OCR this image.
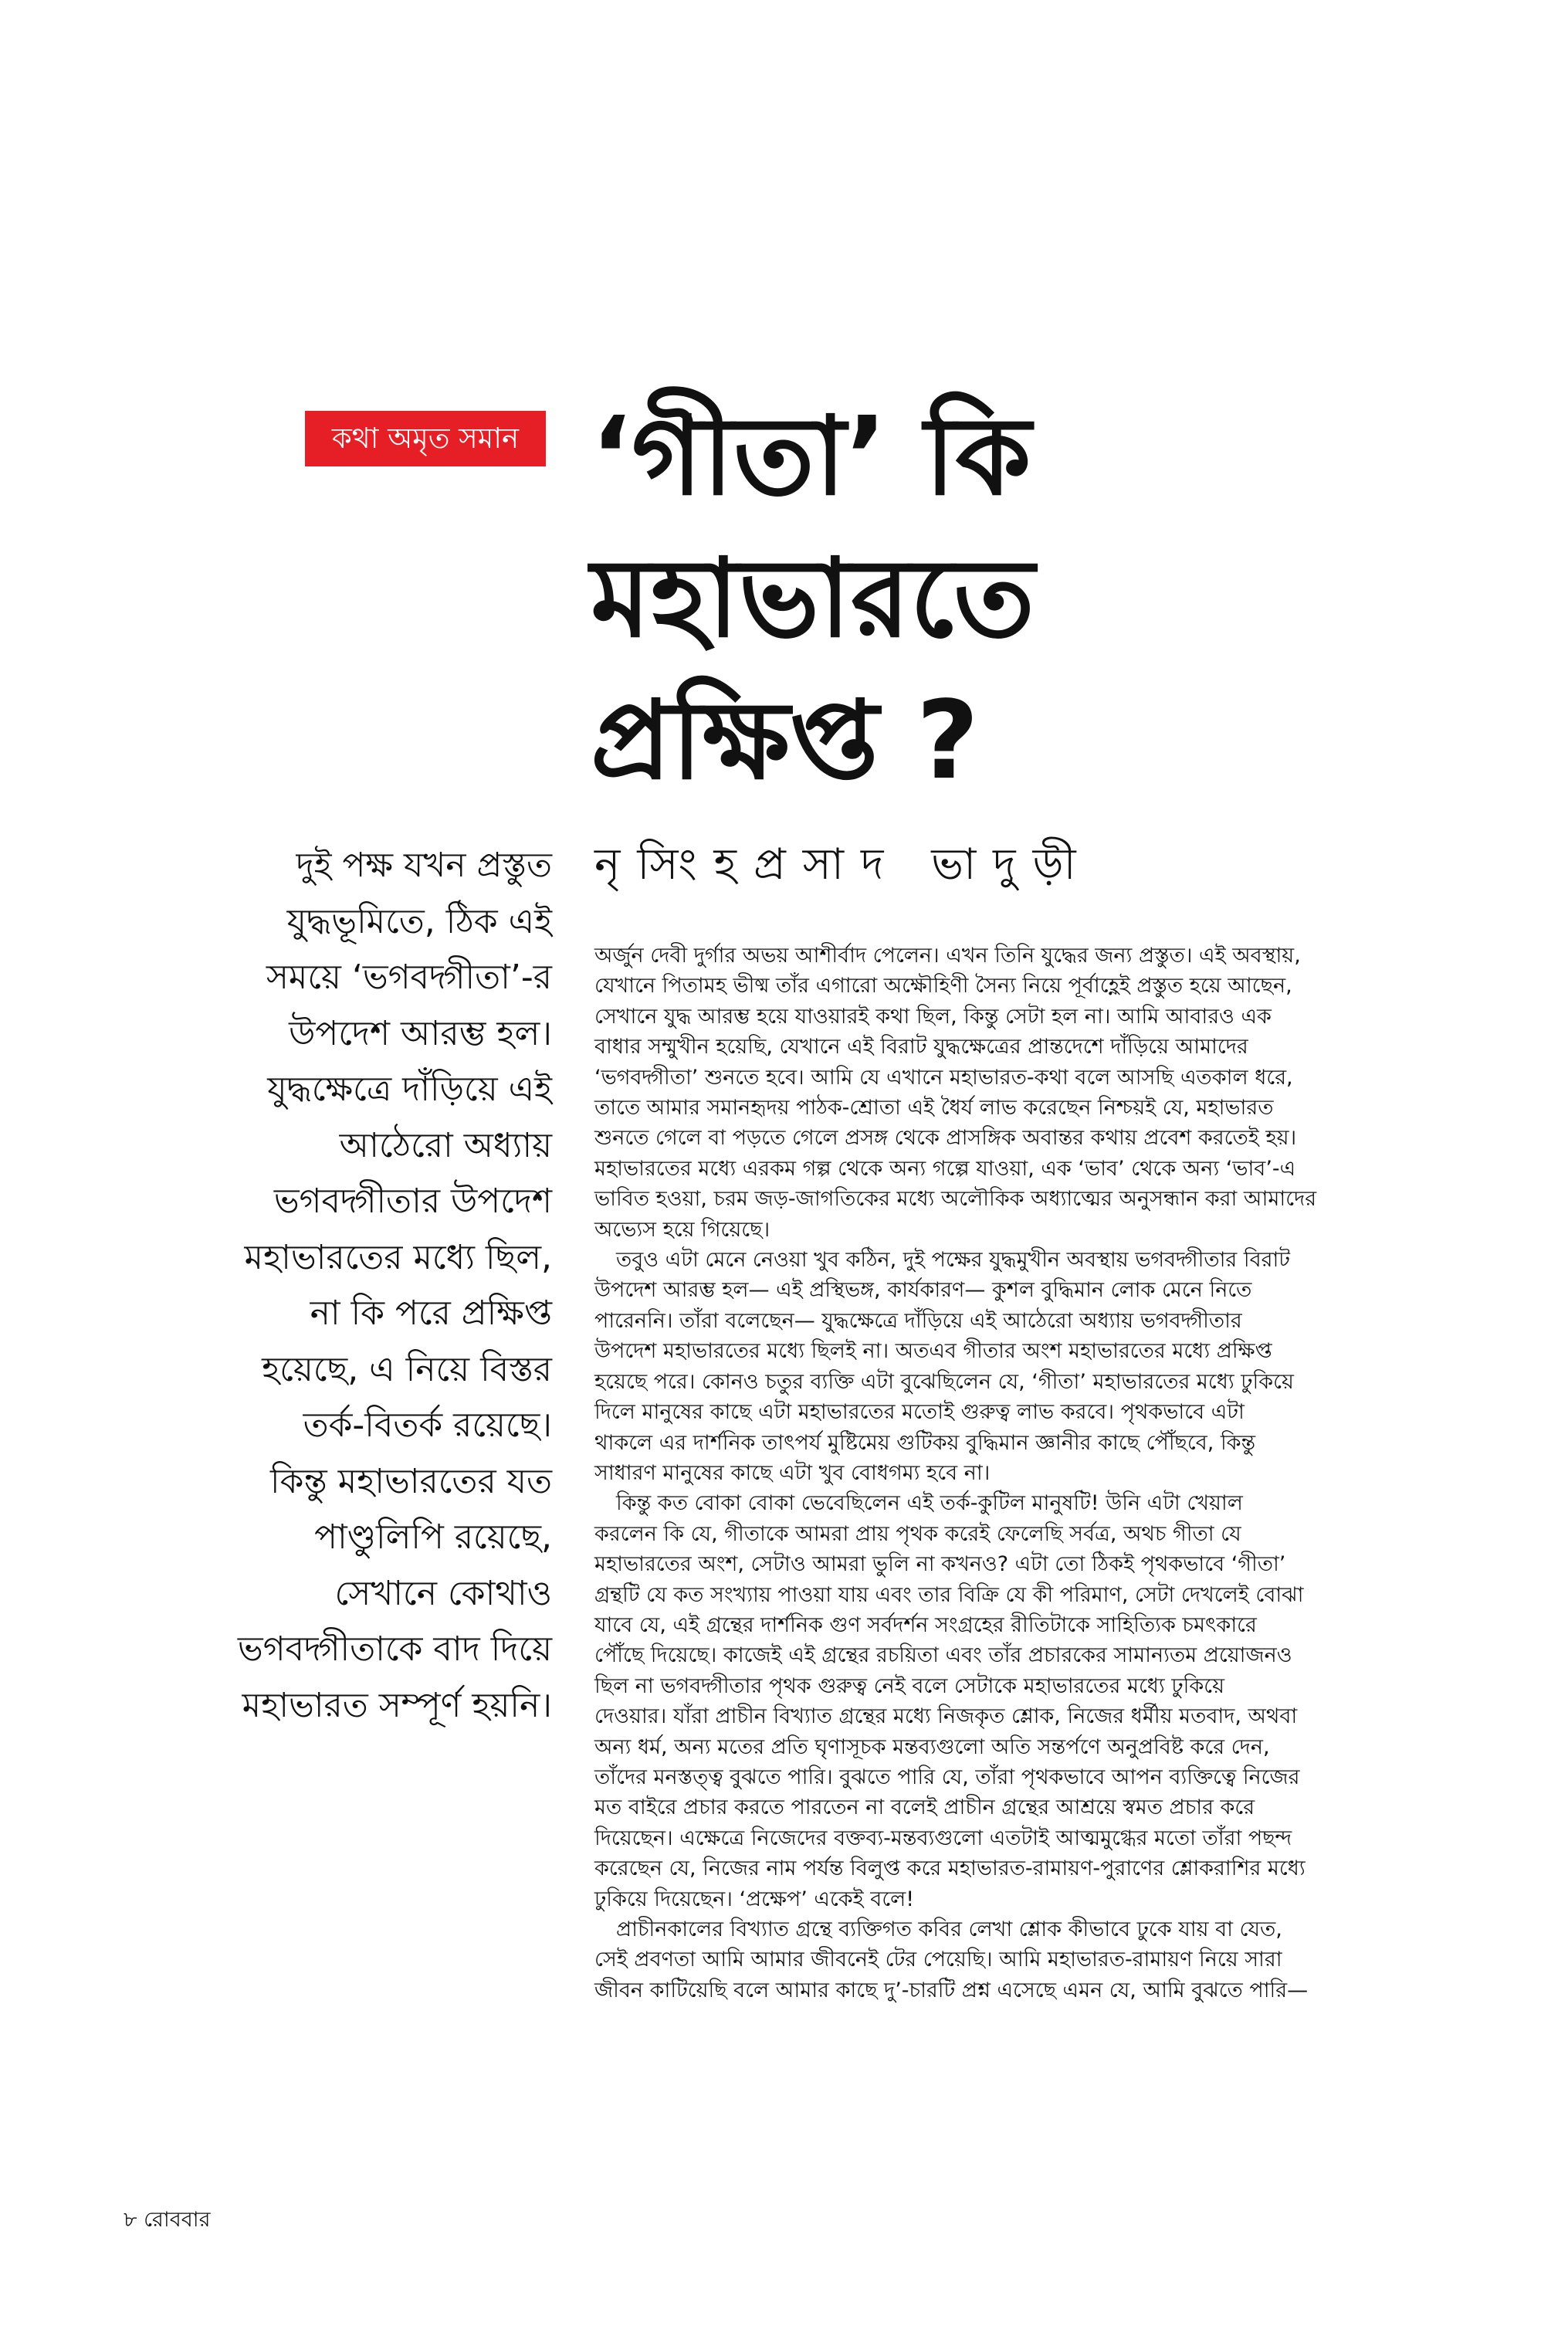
কথা অমৃত সমান ‘গীতা’ কি
মহাভারতে
প্রক্ষিপ্ত ?
নৃসিংহপ্রসাদ ভাদুড়ী
দুই পক্ষ যখন প্রস্তুত
যুদ্ধভূমিতে, ঠিক এই
সময়ে ‘ভগবদ্গীতা’-র
উপদেশ আরম্ভ হল।
যুদ্ধক্ষেত্রে দাঁড়িয়ে এই
আঠেরো অধ্যায়
ভগবদ্গীতার উপদেশ
মহাভারতের মধ্যে ছিল,
না কি পরে প্রক্ষিপ্ত
হয়েছে, এ নিয়ে বিস্তর
তর্ক-বিতর্ক রয়েছে।
কিন্তু মহাভারতের যত
পাণ্ডুলিপি রয়েছে,
সেখানে কোথাও
ভগবদ্গীতাকে বাদ দিয়ে
মহাভারত সম্পূর্ণ হয়নি।
অর্জুন দেবী দুর্গার অভয় আশীর্বাদ পেলেন। এখন তিনি যুদ্ধের জন্য প্রস্তুত। এই অবস্থায়,
যেখানে পিতামহ ভীষ্ম তাঁর এগারো অক্ষৌহিণী সৈন্য নিয়ে পূর্বাহ্ণেই প্রস্তুত হয়ে আছেন,
সেখানে যুদ্ধ আরম্ভ হয়ে যাওয়ারই কথা ছিল, কিন্তু সেটা হল না। আমি আবারও এক
বাধার সম্মুখীন হয়েছি, যেখানে এই বিরাট যুদ্ধক্ষেত্রের প্রান্তদেশে দাঁড়িয়ে আমাদের
‘ভগবদ্গীতা’ শুনতে হবে। আমি যে এখানে মহাভারত-কথা বলে আসছি এতকাল ধরে,
তাতে আমার সমানহৃদয় পাঠক-শ্রোতা এই ধৈর্য লাভ করেছেন নিশ্চয়ই যে, মহাভারত
শুনতে গেলে বা পড়তে গেলে প্রসঙ্গ থেকে প্রাসঙ্গিক অবান্তর কথায় প্রবেশ করতেই হয়।
মহাভারতের মধ্যে এরকম গল্প থেকে অন্য গল্পে যাওয়া, এক ‘ভাব’ থেকে অন্য ‘ভাব’-এ
ভাবিত হওয়া, চরম জড়-জাগতিকের মধ্যে অলৌকিক অধ্যাত্মের অনুসন্ধান করা আমাদের
অভ্যেস হয়ে গিয়েছে।
তবুও এটা মেনে নেওয়া খুব কঠিন, দুই পক্ষের যুদ্ধমুখীন অবস্থায় ভগবদ্গীতার বিরাট
উপদেশ আরম্ভ হল— এই প্রস্থিভঙ্গ, কার্যকারণ— কুশল বুদ্ধিমান লোক মেনে নিতে
পারেননি। তাঁরা বলেছেন— যুদ্ধক্ষেত্রে দাঁড়িয়ে এই আঠেরো অধ্যায় ভগবদ্গীতার
উপদেশ মহাভারতের মধ্যে ছিলই না। অতএব গীতার অংশ মহাভারতের মধ্যে প্রক্ষিপ্ত
হয়েছে পরে। কোনও চতুর ব্যক্তি এটা বুঝেছিলেন যে, ‘গীতা’ মহাভারতের মধ্যে ঢুকিয়ে
দিলে মানুষের কাছে এটা মহাভারতের মতোই গুরুত্ব লাভ করবে। পৃথকভাবে এটা
থাকলে এর দার্শনিক তাৎপর্য মুষ্টিমেয় গুটিকয় বুদ্ধিমান জ্ঞানীর কাছে পৌঁছবে, কিন্তু
সাধারণ মানুষের কাছে এটা খুব বোধগম্য হবে না।
কিন্তু কত বোকা বোকা ভেবেছিলেন এই তর্ক-কুটিল মানুষটি! উনি এটা খেয়াল
করলেন কি যে, গীতাকে আমরা প্রায় পৃথক করেই ফেলেছি সর্বত্র, অথচ গীতা যে
মহাভারতের অংশ, সেটাও আমরা ভুলি না কখনও? এটা তো ঠিকই পৃথকভাবে ‘গীতা’
গ্রন্থটি যে কত সংখ্যায় পাওয়া যায় এবং তার বিক্রি যে কী পরিমাণ, সেটা দেখলেই বোঝা
যাবে যে, এই গ্রন্থের দার্শনিক গুণ সর্বদর্শন সংগ্রহের রীতিটাকে সাহিত্যিক চমৎকারে
পৌঁছে দিয়েছে। কাজেই এই গ্রন্থের রচয়িতা এবং তাঁর প্রচারকের সামান্যতম প্রয়োজনও
ছিল না ভগবদ্গীতার পৃথক গুরুত্ব নেই বলে সেটাকে মহাভারতের মধ্যে ঢুকিয়ে
দেওয়ার। যাঁরা প্রাচীন বিখ্যাত গ্রন্থের মধ্যে নিজকৃত শ্লোক, নিজের ধর্মীয় মতবাদ, অথবা
অন্য ধর্ম, অন্য মতের প্রতি ঘৃণাসূচক মন্তব্যগুলো অতি সন্তর্পণে অনুপ্রবিষ্ট করে দেন,
তাঁদের মনস্তত্ত্ব বুঝতে পারি। বুঝতে পারি যে, তাঁরা পৃথকভাবে আপন ব্যক্তিত্বে নিজের
মত বাইরে প্রচার করতে পারতেন না বলেই প্রাচীন গ্রন্থের আশ্রয়ে স্বমত প্রচার করে
দিয়েছেন। এক্ষেত্রে নিজেদের বক্তব্য-মন্তব্যগুলো এতটাই আত্মমুগ্ধের মতো তাঁরা পছন্দ
করেছেন যে, নিজের নাম পর্যন্ত বিলুপ্ত করে মহাভারত-রামায়ণ-পুরাণের শ্লোকরাশির মধ্যে
ঢুকিয়ে দিয়েছেন। ‘প্রক্ষেপ’ একেই বলে!
প্রাচীনকালের বিখ্যাত গ্রন্থে ব্যক্তিগত কবির লেখা শ্লোক কীভাবে ঢুকে যায় বা যেত,
সেই প্রবণতা আমি আমার জীবনেই টের পেয়েছি। আমি মহাভারত-রামায়ণ নিয়ে সারা
জীবন কাটিয়েছি বলে আমার কাছে দু’-চারটি প্রশ্ন এসেছে এমন যে, আমি বুঝতে পারি—
৮ রোববার
